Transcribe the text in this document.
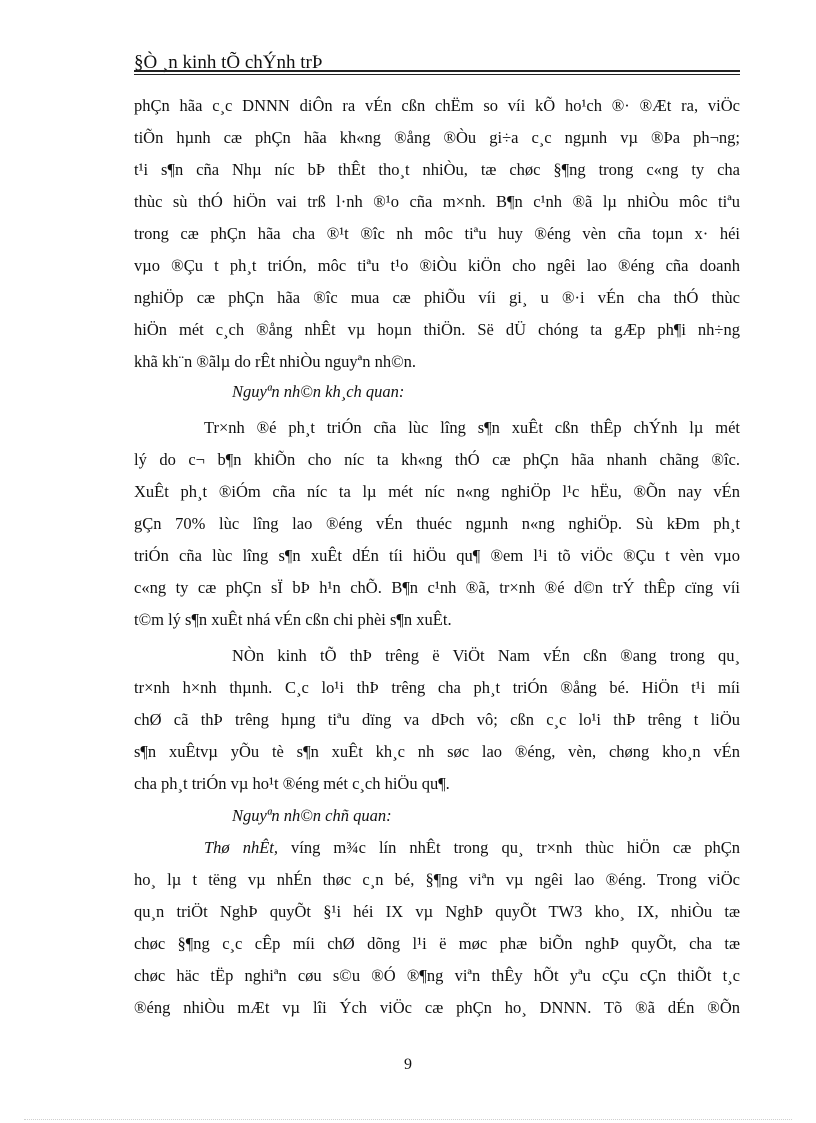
§Ò ¸n kinh tÕ chÝnh trÞ
phÇn hãa c¸c DNNN diÔn ra vÉn cßn chËm so víi kÕ ho¹ch ®· ®Æt ra, viÖc
tiÕn hµnh cæ phÇn hãa kh«ng ®ång ®Òu gi÷a c¸c ngµnh vµ ®Þa ph¬ng;
t¹i s¶n cña Nhµ níc bÞ thÊt tho¸t nhiÒu, tæ chøc §¶ng trong c«ng ty cha
thùc sù thÓ hiÖn vai trß l·nh ®¹o cña m×nh. B¶n c¹nh ®ã lµ nhiÒu môc tiªu
trong cæ phÇn hãa cha ®¹t ®îc nh môc tiªu huy ®éng vèn cña toµn x· héi
vµo ®Çu t ph¸t triÓn, môc tiªu t¹o ®iÒu kiÖn cho ngêi lao ®éng cña doanh
nghiÖp cæ phÇn hãa ®îc mua cæ phiÕu víi gi¸ u ®·i vÉn cha thÓ thùc
hiÖn mét c¸ch ®ång nhÊt vµ hoµn thiÖn. Së dÜ chóng ta gÆp ph¶i nh÷ng
khã kh¨n ®ãlµ do rÊt nhiÒu nguyªn nh©n.
Nguyªn nh©n kh¸ch quan:
Tr×nh ®é ph¸t triÓn cña lùc lîng s¶n xuÊt cßn thÊp chÝnh lµ mét
lý do c¬ b¶n khiÕn cho níc ta kh«ng thÓ cæ phÇn hãa nhanh chãng ®îc.
XuÊt ph¸t ®iÓm cña níc ta lµ mét níc n«ng nghiÖp l¹c hËu, ®Õn nay vÉn
gÇn 70% lùc lîng lao ®éng vÉn thuéc ngµnh n«ng nghiÖp. Sù kÐm ph¸t
triÓn cña lùc lîng s¶n xuÊt dÉn tíi hiÖu qu¶ ®em l¹i tõ viÖc ®Çu t vèn vµo
c«ng ty cæ phÇn sÏ bÞ h¹n chÕ. B¶n c¹nh ®ã, tr×nh ®é d©n trÝ thÊp cïng víi
t©m lý s¶n xuÊt nhá vÉn cßn chi phèi s¶n xuÊt.
NÒn kinh tÕ thÞ trêng ë ViÖt Nam vÉn cßn ®ang trong qu¸
tr×nh h×nh thµnh. C¸c lo¹i thÞ trêng cha ph¸t triÓn ®ång bé. HiÖn t¹i míi
chØ cã thÞ trêng hµng tiªu dïng va dÞch vô; cßn c¸c lo¹i thÞ trêng t liÖu
s¶n xuÊtvµ yÕu tè s¶n xuÊt kh¸c nh søc lao ®éng, vèn, chøng kho¸n vÉn
cha ph¸t triÓn vµ ho¹t ®éng mét c¸ch hiÖu qu¶.
Nguyªn nh©n chñ quan:
Thø nhÊt, víng m¾c lín nhÊt trong qu¸ tr×nh thùc hiÖn cæ phÇn
ho¸ lµ t tëng vµ nhÉn thøc c¸n bé, §¶ng viªn vµ ngêi lao ®éng. Trong viÖc
qu¸n triÖt NghÞ quyÕt §¹i héi IX vµ NghÞ quyÕt TW3 kho¸ IX, nhiÒu tæ
chøc §¶ng c¸c cÊp míi chØ dõng l¹i ë møc phæ biÕn nghÞ quyÕt, cha tæ
chøc häc tËp nghiªn cøu s©u ®Ó ®¶ng viªn thÊy hÕt yªu cÇu cÇn thiÕt t¸c
®éng nhiÒu mÆt vµ lîi Ých viÖc cæ phÇn ho¸ DNNN. Tõ ®ã dÉn ®Õn
9
